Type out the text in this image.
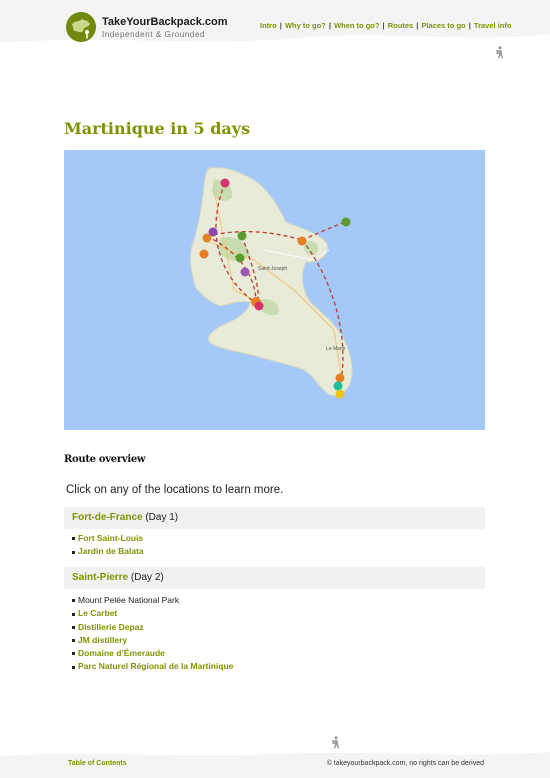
TakeYourBackpack.com
Independent & Grounded
Intro | Why to go? | When to go? | Routes | Places to go | Travel info
Martinique in 5 days
Saint-Joseph
Le Marin
Route overview

Click on any of the locations to learn more.

Fort-de-France (Day 1)
Fort Saint-Louis
Jardin de Balata
Saint-Pierre (Day 2)
Mount Pelée National Park
Le Carbet
Distillerie Depaz
JM distillery
Domaine d’Émeraude
Parc Naturel Régional de la Martinique
Table of Contents	© takeyourbackpack.com, no rights can be derived
